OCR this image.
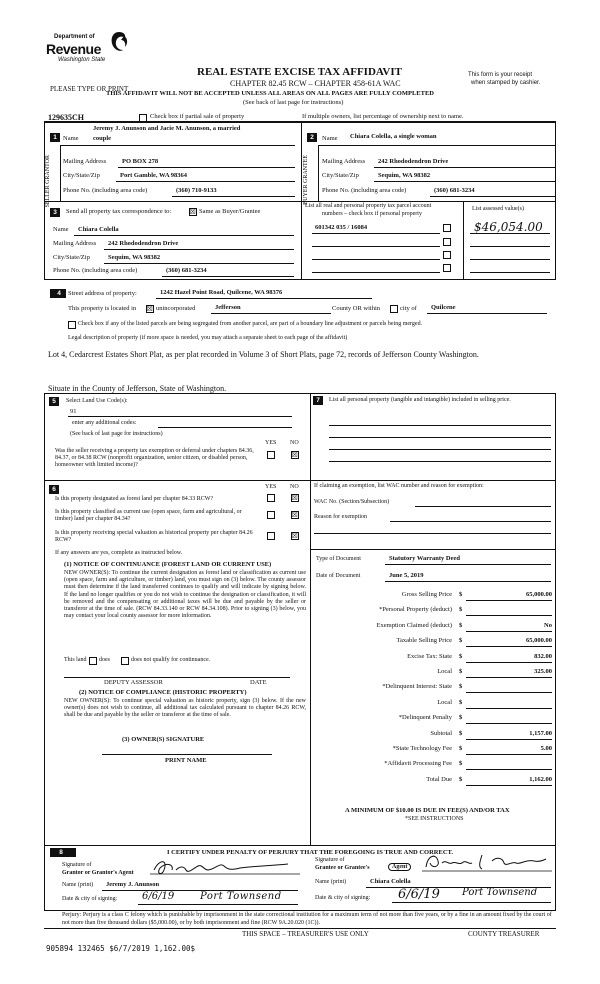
Department of
Revenue
Washington State
REAL ESTATE EXCISE TAX AFFIDAVIT
CHAPTER 82.45 RCW – CHAPTER 458-61A WAC
THIS AFFIDAVIT WILL NOT BE ACCEPTED UNLESS ALL AREAS ON ALL PAGES ARE FULLY COMPLETED
(See back of last page for instructions)
PLEASE TYPE OR PRINT
This form is your receipt
when stamped by cashier.
129635CH	Check box if partial sale of property	If multiple owners, list percentage of ownership next to name.
1
SELLER GRANTOR
Jeremy J. Anunson and Jacie M. Anunson, a married
Name couple
Mailing Address PO BOX 278
City/State/Zip	Port Gamble, WA 98364
Phone No. (including area code)	(360) 710-9133
2
BUYER GRANTEE
Name Chiara Colella, a single woman
Mailing Address 242 Rhododendron Drive
City/State/Zip	Sequim, WA 98382
Phone No. (including area code)	(360) 681-3234
3	Send all property tax correspondence to:	☒ Same as Buyer/Grantee
Name Chiara Colella
Mailing Address 242 Rhododendron Drive
City/State/Zip	Sequim, WA 98382
Phone No. (including area code)	(360) 681-3234
List all real and personal property tax parcel account
numbers – check box if personal property
List assessed value(s)
601342 035 / 16084	$46,054.00
4	Street address of property:	1242 Hazel Point Road, Quilcene, WA 98376
This property is located in ☒ unincorporated	Jefferson	County OR within	city of Quilcene
Check box if any of the listed parcels are being segregated from another parcel, are part of a boundary line adjustment or parcels being merged.
Legal description of property (if more space is needed, you may attach a separate sheet to each page of the affidavit)
Lot 4, Cedarcrest Estates Short Plat, as per plat recorded in Volume 3 of Short Plats, page 72, records of Jefferson County Washington.
Situate in the County of Jefferson, State of Washington.
5	Select Land Use Code(s):
91
enter any additional codes:
(See back of last page for instructions)
YES NO
Was the seller receiving a property tax exemption or deferral under chapters 84.36, 84.37, or 84.38 RCW (nonprofit organization, senior citizen, or disabled person, homeowner with limited income)?
☒
6	YES NO
Is this property designated as forest land per chapter 84.33 RCW?	☒
Is this property classified as current use (open space, farm and agricultural, or timber) land per chapter 84.34?	☒
Is this property receiving special valuation as historical property per chapter 84.26 RCW?	☒
If any answers are yes, complete as instructed below.
(1) NOTICE OF CONTINUANCE (FOREST LAND OR CURRENT USE)
NEW OWNER(S): To continue the current designation as forest land or classification as current use (open space, farm and agriculture, or timber) land, you must sign on (3) below. The county assessor must then determine if the land transferred continues to qualify and will indicate by signing below. If the land no longer qualifies or you do not wish to continue the designation or classification, it will be removed and the compensating or additional taxes will be due and payable by the seller or transferor at the time of sale. (RCW 84.33.140 or RCW 84.34.108). Prior to signing (3) below, you may contact your local county assessor for more information.
This land does	does not qualify for continuance.
DEPUTY ASSESSOR	DATE
(2) NOTICE OF COMPLIANCE (HISTORIC PROPERTY)
NEW OWNER(S): To continue special valuation as historic property, sign (3) below. If the new owner(s) does not wish to continue, all additional tax calculated pursuant to chapter 84.26 RCW, shall be due and payable by the seller or transferor at the time of sale.
(3) OWNER(S) SIGNATURE
PRINT NAME
7	List all personal property (tangible and intangible) included in selling price.
If claiming an exemption, list WAC number and reason for exemption:
WAC No. (Section/Subsection)
Reason for exemption
Type of Document	Statutory Warranty Deed
Date of Document	June 5, 2019
Gross Selling Price $	65,000.00
*Personal Property (deduct) $
Exemption Claimed (deduct) $	No
Taxable Selling Price $	65,000.00
Excise Tax: State $	832.00
Local $	325.00
*Delinquent Interest: State $
Local $
*Delinquent Penalty $
Subtotal $	1,157.00
*State Technology Fee $	5.00
*Affidavit Processing Fee $
Total Due $	1,162.00
A MINIMUM OF $10.00 IS DUE IN FEE(S) AND/OR TAX
*SEE INSTRUCTIONS
8	I CERTIFY UNDER PENALTY OF PERJURY THAT THE FOREGOING IS TRUE AND CORRECT.
Signature of
Grantor or Grantor's Agent
Name (print) Jeremy J. Anunson
Date & city of signing: 6/6/19	Port Townsend
Signature of
Grantee or Grantee's	Agent
Name (print)	Chiara Colella
Date & city of signing: 6/6/19 Port Townsend
Perjury: Perjury is a class C felony which is punishable by imprisonment in the state correctional institution for a maximum term of not more than five years, or by a fine in an amount fixed by the court of not more than five thousand dollars ($5,000.00), or by both imprisonment and fine (RCW 9A.20.020 (1C)).
THIS SPACE – TREASURER'S USE ONLY	COUNTY TREASURER
905894 132465 $6/7/2019 1,162.00$
